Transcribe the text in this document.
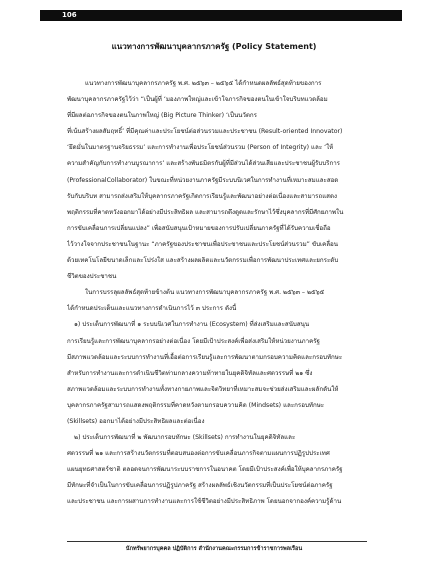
106
แนวทางการพัฒนาบุคลากรภาครัฐ (Policy Statement)
แนวทางการพัฒนาบุคลากรภาครัฐ พ.ศ. ๒๕๖๓ – ๒๕๖๕ ได้กำหนดผลลัพธ์สุดท้ายของการ
พัฒนาบุคลากรภาครัฐไว้ว่า “เป็นผู้ที่ ‘มองภาพใหญ่และเข้าใจภารกิจของตนในเข้าใจบริบทแวดล้อม
ที่มีผลต่อภารกิจของตนในภาพใหญ่ (Big Picture Thinker) ‘เป็นนวัตกร
ที่เน้นสร้างผลสัมฤทธิ์’ ที่มีคุณค่าและประโยชน์ต่อส่วนรวมและประชาชน (Result-oriented Innovator)
‘ยึดมั่นในมาตรฐานจริยธรรม’ และการทำงานเพื่อประโยชน์ส่วนรวม (Person of Integrity) และ ‘ให้
ความสำคัญกับการทำงานบูรณาการ’ และสร้างพันธมิตรกับผู้ที่มีส่วนได้ส่วนเสียและประชาชนผู้รับบริการ
(ProfessionalCollaborator) ในขณะที่หน่วยงานภาครัฐมีระบบนิเวศในการทำงานที่เหมาะสมและสอด
รับกับบริบท สามารถส่งเสริมให้บุคลากรภาครัฐเกิดการเรียนรู้และพัฒนาอย่างต่อเนื่องและสามารถแสดง
พฤติกรรมที่คาดหวังออกมาได้อย่างมีประสิทธิผล และสามารถดึงดูดและรักษาไว้ซึ่งบุคลากรที่มีศักยภาพใน
การขับเคลื่อนการเปลี่ยนแปลง” เพื่อสนับสนุนเป้าหมายของการปรับเปลี่ยนภาครัฐที่ได้รับความเชื่อถือ
ไว้วางใจจากประชาชนในฐานะ “ภาครัฐของประชาชนเพื่อประชาชนและประโยชน์ส่วนรวม” ขับเคลื่อน
ด้วยเทคโนโลยีขนาดเล็กและโปร่งใส และสร้างผลผลิตและนวัตกรรมเพื่อการพัฒนาประเทศและยกระดับ
ชีวิตของประชาชน
ในการบรรลุผลลัพธ์สุดท้ายข้างต้น แนวทางการพัฒนาบุคลากรภาครัฐ พ.ศ. ๒๕๖๓ – ๒๕๖๕
ได้กำหนดประเด็นและแนวทางการดำเนินการไว้ ๓ ประการ ดังนี้
๑) ประเด็นการพัฒนาที่ ๑ ระบบนิเวศในการทำงาน (Ecosystem) ที่ส่งเสริมและสนับสนุน
การเรียนรู้และการพัฒนาบุคลากรอย่างต่อเนื่อง โดยมีเป้าประสงค์เพื่อส่งเสริมให้หน่วยงานภาครัฐ
มีสภาพแวดล้อมและระบบการทำงานที่เอื้อต่อการเรียนรู้และการพัฒนาตามกรอบความคิดและกรอบทักษะ
สำหรับการทำงานและการดำเนินชีวิตท่ามกลางความท้าทายในยุคดิจิทัลและศตวรรษที่ ๒๑ ซึ่ง
สภาพแวดล้อมและระบบการทำงานทั้งทางกายภาพและจิตวิทยาที่เหมาะสมจะช่วยส่งเสริมและผลักดันให้
บุคลากรภาครัฐสามารถแสดงพฤติกรรมที่คาดหวังตามกรอบความคิด (Mindsets) และกรอบทักษะ
(Skillsets) ออกมาได้อย่างมีประสิทธิผลและต่อเนื่อง
๒) ประเด็นการพัฒนาที่ ๒ พัฒนากรอบทักษะ (Skillsets) การทำงานในยุคดิจิทัลและ
ศตวรรษที่ ๒๑ และการสร้างนวัตกรรมที่ตอบสนองต่อการขับเคลื่อนภารกิจตามแผนการปฏิรูปประเทศ
แผนยุทธศาสตร์ชาติ ตลอดจนการพัฒนาระบบราชการในอนาคต โดยมีเป้าประสงค์เพื่อให้บุคลากรภาครัฐ
มีทักษะที่จำเป็นในการขับเคลื่อนการปฏิรูปภาครัฐ สร้างผลลัพธ์เชิงนวัตกรรมที่เป็นประโยชน์ต่อภาครัฐ
และประชาชน และการผสานการทำงานและการใช้ชีวิตอย่างมีประสิทธิภาพ โดยนอกจากองค์ความรู้ด้าน
นักทรัพยากรบุคคล ปฏิบัติการ สำนักงานคณะกรรมการข้าราชการพลเรือน
